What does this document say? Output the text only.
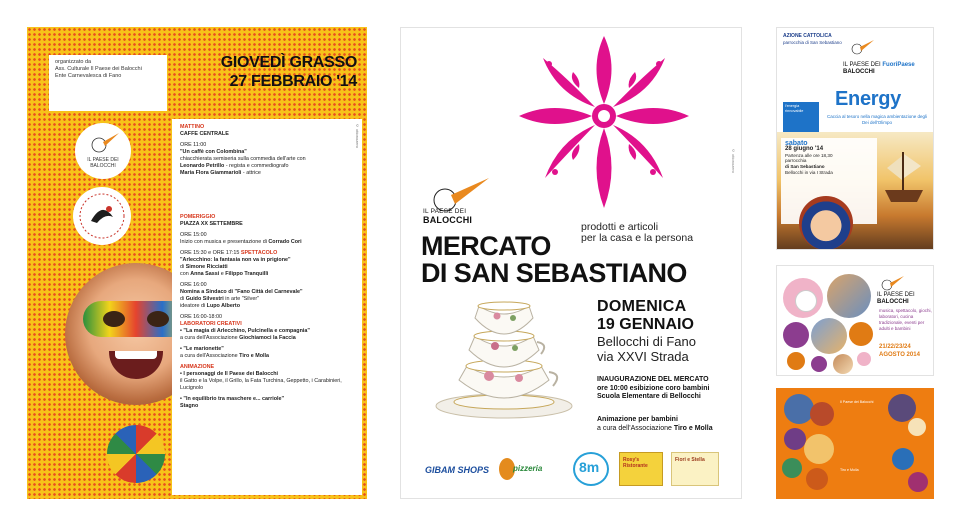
organizzato da
Ass. Culturale Il Paese dei Balocchi
Ente Carnevalesca di Fano
GIOVEDÌ GRASSO
27 FEBBRAIO '14
IL PAESE DEI BALOCCHI
MATTINO
CAFFE CENTRALE
ORE 11:00
"Un caffè con Colombina"
chiacchierata semiseria sulla commedia dell'arte con
Leonardo Petrillo - regista e commediografo
Maria Flora Giammarioli - attrice
POMERIGGIO
PIAZZA XX SETTEMBRE
ORE 15:00
Inizio con musica e presentazione di Corrado Cori
ORE 15:30 e ORE 17:15 SPETTACOLO
"Arlecchino: la fantasia non va in prigione"
di Simone Ricciatti
con Anna Sassi e Filippo Tranquilli
ORE 16:00
Nomina a Sindaco di "Fano Città del Carnevale"
di Guido Silvestri in arte "Silver"
ideatore di Lupo Alberto
ORE 16:00-18:00
LABORATORI CREATIVI
• "La magia di Arlecchino, Pulcinella e compagnia"
a cura dell'Associazione Giochiamoci la Faccia
• "Le marionette"
a cura dell'Associazione Tiro e Molla
ANIMAZIONE
• I personaggi de Il Paese dei Balocchi
il Gatto e la Volpe, il Grillo, la Fata Turchina, Geppetto, i Carabinieri, Lucignolo
• "In equilibrio tra maschere e... carriole"
Stagno
© ottonozero
IL PAESE DEI
BALOCCHI
prodotti e articoli
per la casa e la persona
MERCATO
DI SAN SEBASTIANO
DOMENICA
19 GENNAIO
Bellocchi di Fano
via XXVI Strada
INAUGURAZIONE DEL MERCATO
ore 10:00 esibizione coro bambini
Scuola Elementare di Bellocchi
Animazione per bambini
a cura dell'Associazione Tiro e Molla
© ottonozero
GIBAM SHOPS	pizzeria	8m	Rosy's Ristorante
Fiori e Stella
AZIONE CATTOLICA
parrocchia di San Sebastiano
IL PAESE DEI FuoriPaese
BALOCCHI
l'energia rinnovabile
Energy
Caccia al tesoro nella magica ambientazione degli Dei dell'Olimpo
sabato
28 giugno '14
Partenza alle ore 18,30
parrocchia
di San Sebastiano
Bellocchi in via I Strada
IL PAESE DEI
BALOCCHI
musica, spettacolo, giochi, laboratori, cucina tradizionale, eventi per adulti e bambini
21/22/23/24
AGOSTO 2014
Il Paese dei Balocchi
Tiro e Molla
